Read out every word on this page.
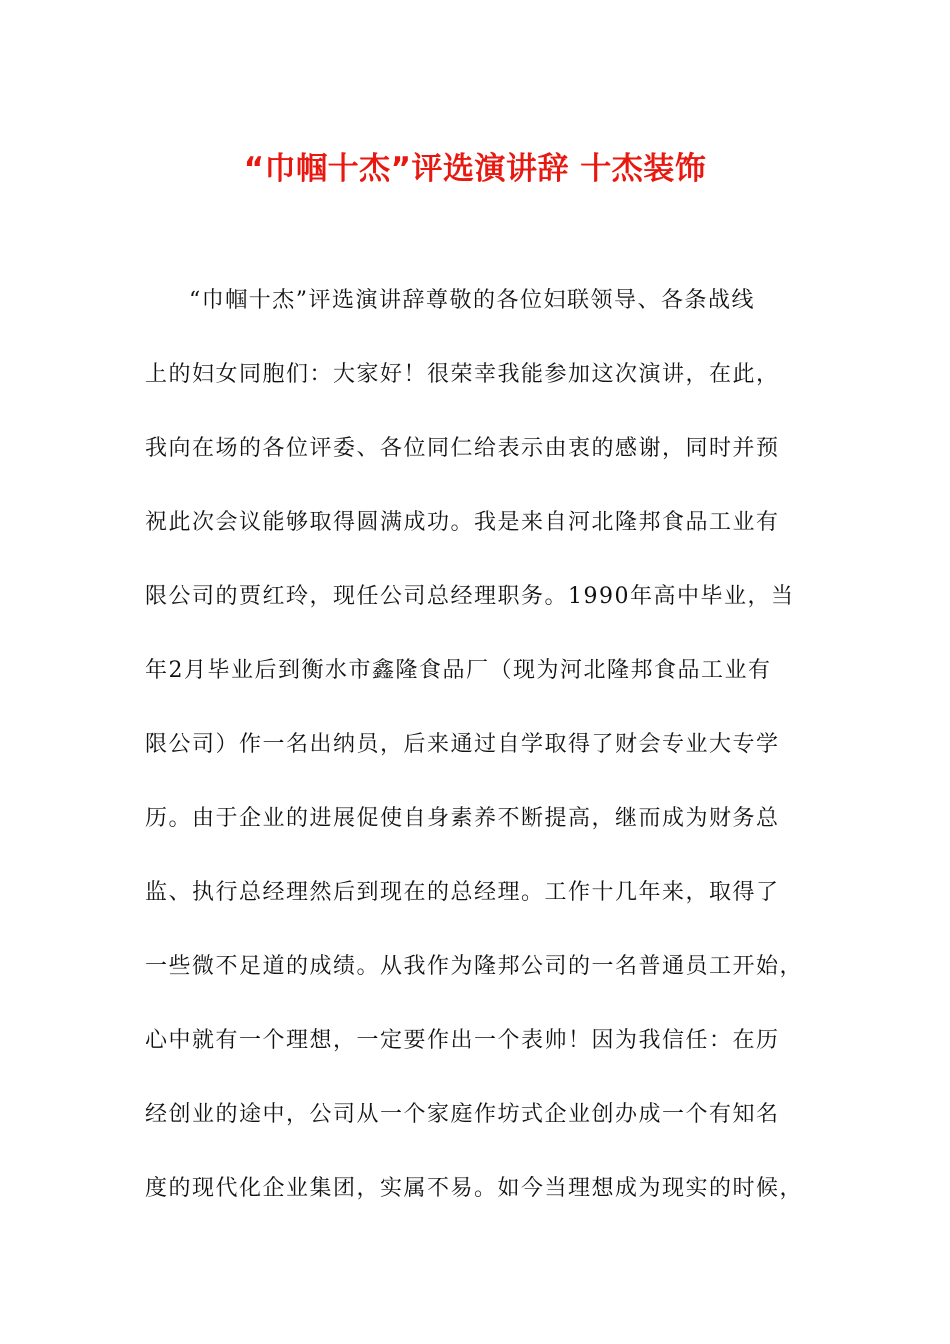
“巾帼十杰”评选演讲辞 十杰装饰
“巾帼十杰”评选演讲辞尊敬的各位妇联领导、各条战线
上的妇女同胞们：大家好！很荣幸我能参加这次演讲，在此，
我向在场的各位评委、各位同仁给表示由衷的感谢，同时并预
祝此次会议能够取得圆满成功。我是来自河北隆邦食品工业有
限公司的贾红玲，现任公司总经理职务。1990年高中毕业，当
年2月毕业后到衡水市鑫隆食品厂（现为河北隆邦食品工业有
限公司）作一名出纳员，后来通过自学取得了财会专业大专学
历。由于企业的进展促使自身素养不断提高，继而成为财务总
监、执行总经理然后到现在的总经理。工作十几年来，取得了
一些微不足道的成绩。从我作为隆邦公司的一名普通员工开始，
心中就有一个理想，一定要作出一个表帅！因为我信任：在历
经创业的途中，公司从一个家庭作坊式企业创办成一个有知名
度的现代化企业集团，实属不易。如今当理想成为现实的时候，
